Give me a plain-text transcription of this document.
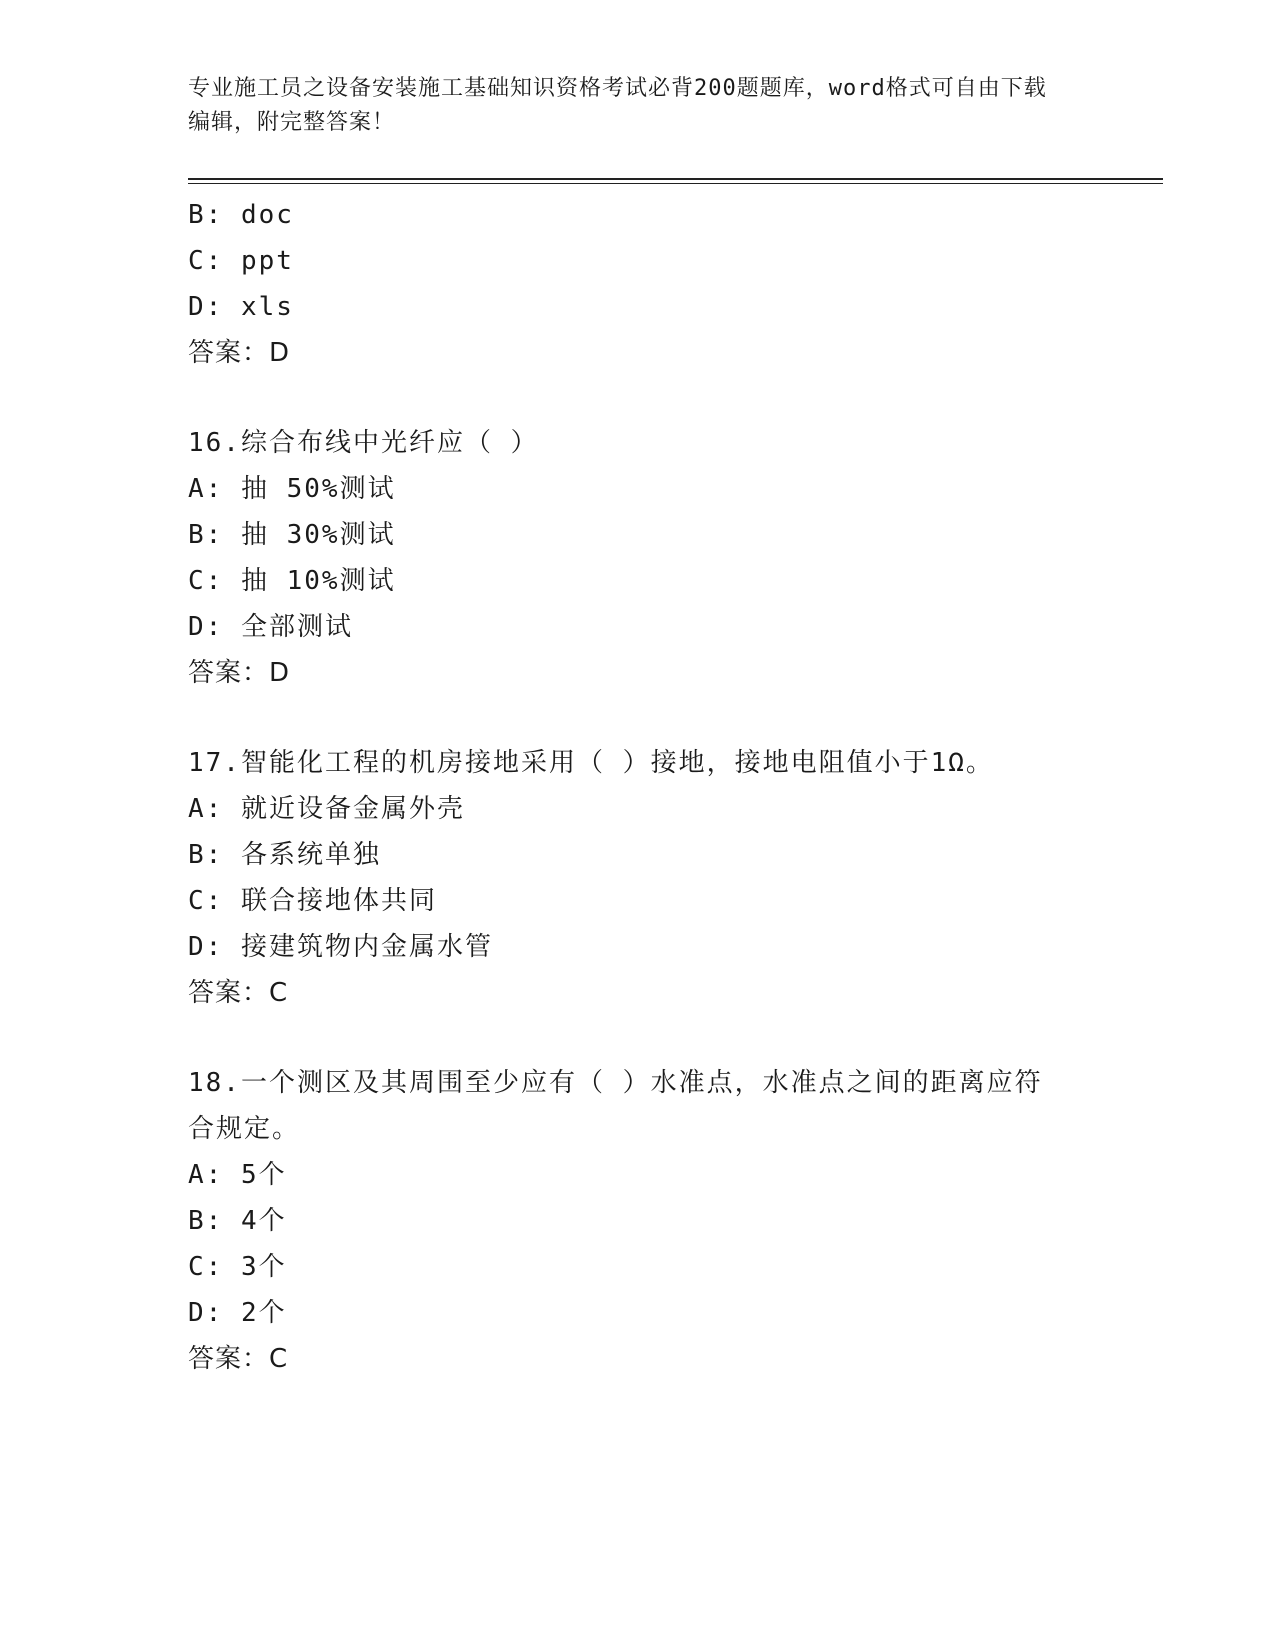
专业施工员之设备安装施工基础知识资格考试必背200题题库，word格式可自由下载编辑，附完整答案！
B: doc
C: ppt
D: xls
答案：D
16.综合布线中光纤应（ ）
A: 抽 50%测试
B: 抽 30%测试
C: 抽 10%测试
D: 全部测试
答案：D
17.智能化工程的机房接地采用（ ）接地，接地电阻值小于1Ω。
A: 就近设备金属外壳
B: 各系统单独
C: 联合接地体共同
D: 接建筑物内金属水管
答案：C
18.一个测区及其周围至少应有（ ）水准点，水准点之间的距离应符合规定。
A: 5个
B: 4个
C: 3个
D: 2个
答案：C
